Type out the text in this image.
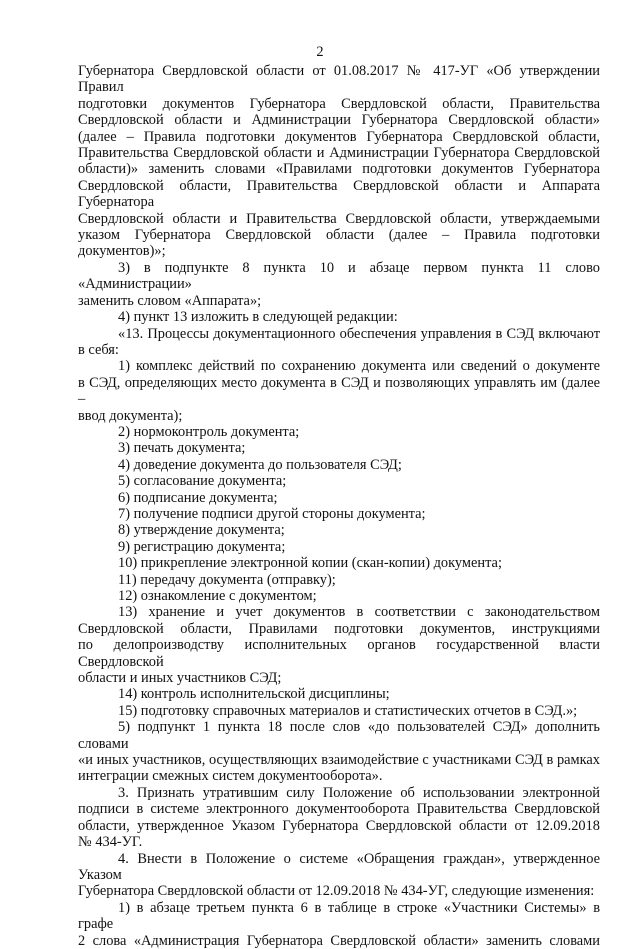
2

Губернатора Свердловской области от 01.08.2017 № 417-УГ «Об утверждении Правил

подготовки документов Губернатора Свердловской области, Правительства

Свердловской области и Администрации Губернатора Свердловской области»

(далее – Правила подготовки документов Губернатора Свердловской области,

Правительства Свердловской области и Администрации Губернатора Свердловской

области)» заменить словами «Правилами подготовки документов Губернатора

Свердловской области, Правительства Свердловской области и Аппарата Губернатора

Свердловской области и Правительства Свердловской области, утверждаемыми

указом Губернатора Свердловской области (далее – Правила подготовки

документов)»;

3) в подпункте 8 пункта 10 и абзаце первом пункта 11 слово «Администрации»

заменить словом «Аппарата»;

4) пункт 13 изложить в следующей редакции:

«13. Процессы документационного обеспечения управления в СЭД включают

в себя:

1) комплекс действий по сохранению документа или сведений о документе

в СЭД, определяющих место документа в СЭД и позволяющих управлять им (далее –

ввод документа);

2) нормоконтроль документа;

3) печать документа;

4) доведение документа до пользователя СЭД;

5) согласование документа;

6) подписание документа;

7) получение подписи другой стороны документа;

8) утверждение документа;

9) регистрацию документа;

10) прикрепление электронной копии (скан-копии) документа;

11) передачу документа (отправку);

12) ознакомление с документом;

13) хранение и учет документов в соответствии с законодательством

Свердловской области, Правилами подготовки документов, инструкциями

по делопроизводству исполнительных органов государственной власти Свердловской

области и иных участников СЭД;

14) контроль исполнительской дисциплины;

15) подготовку справочных материалов и статистических отчетов в СЭД.»;

5) подпункт 1 пункта 18 после слов «до пользователей СЭД» дополнить словами

«и иных участников, осуществляющих взаимодействие с участниками СЭД в рамках

интеграции смежных систем документооборота».

3. Признать утратившим силу Положение об использовании электронной

подписи в системе электронного документооборота Правительства Свердловской

области, утвержденное Указом Губернатора Свердловской области от 12.09.2018

№ 434-УГ.

4. Внести в Положение о системе «Обращения граждан», утвержденное Указом

Губернатора Свердловской области от 12.09.2018 № 434-УГ, следующие изменения:

1) в абзаце третьем пункта 6 в таблице в строке «Участники Системы» в графе

2 слова «Администрация Губернатора Свердловской области» заменить словами
